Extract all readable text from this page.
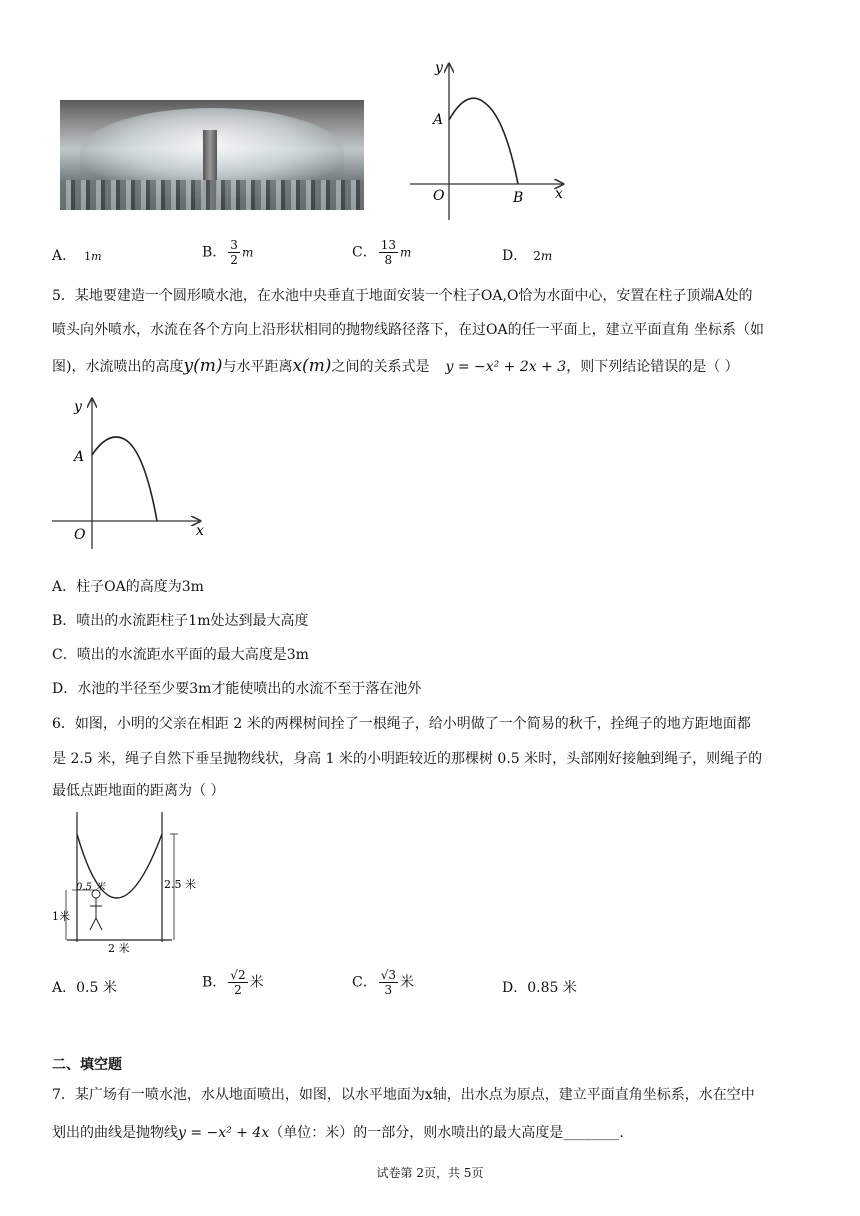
y
x
A
O	B
A． 1m	B． $\frac{3}{2}$ m	C． $\frac{13}{8}$ m	D． 2m
5．某地要建造一个圆形喷水池，在水池中央垂直于地面安装一个柱子OA,O恰为水面中心，安置在柱子顶端A处的
喷头向外喷水，水流在各个方向上沿形状相同的抛物线路径落下，在过OA的任一平面上，建立平面直角 坐标系（如
图)，水流喷出的高度y(m)与水平距离x(m)之间的关系式是 y = −x² + 2x + 3，则下列结论错误的是（ ）
y
x
A
O
A．柱子OA的高度为3m
B．喷出的水流距柱子1m处达到最大高度
C．喷出的水流距水平面的最大高度是3m
D．水池的半径至少要3m才能使喷出的水流不至于落在池外
6．如图，小明的父亲在相距 2 米的两棵树间拴了一根绳子，给小明做了一个简易的秋千，拴绳子的地方距地面都
是 2.5 米，绳子自然下垂呈抛物线状，身高 1 米的小明距较近的那棵树 0.5 米时，头部刚好接触到绳子，则绳子的
最低点距地面的距离为（ ）
0.5 米
1米
2 米
2.5 米
A．0.5 米	B． $\frac{√2}{2}$ 米	C． $\frac{√3}{3}$ 米	D．0.85 米
二、填空题
7．某广场有一喷水池，水从地面喷出，如图，以水平地面为x轴，出水点为原点，建立平面直角坐标系，水在空中
划出的曲线是抛物线y = −x² + 4x（单位：米）的一部分，则水喷出的最大高度是________.
试卷第 2页，共 5页
